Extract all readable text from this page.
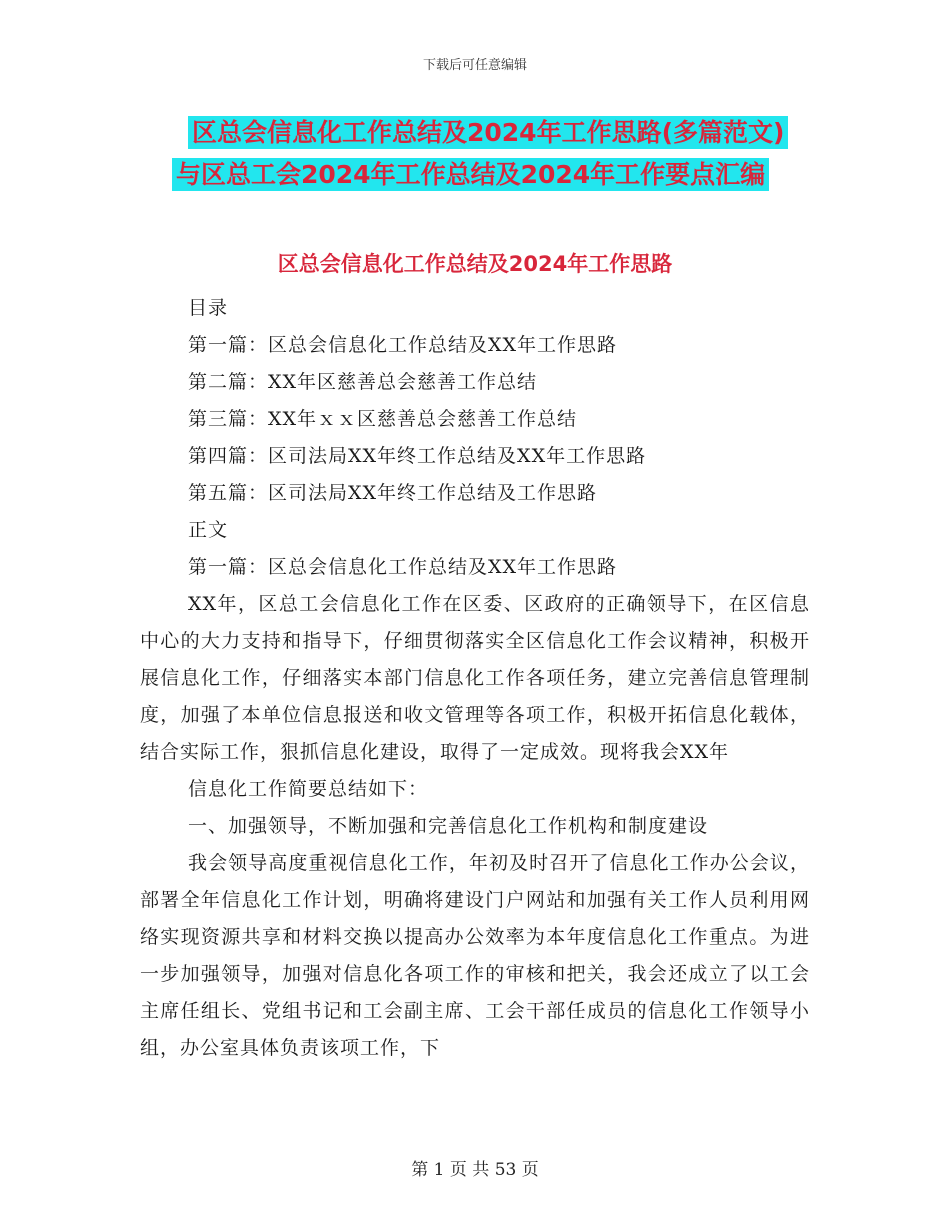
下载后可任意编辑
区总会信息化工作总结及2024年工作思路(多篇范文)
与区总工会2024年工作总结及2024年工作要点汇编
区总会信息化工作总结及2024年工作思路

目录

第一篇：区总会信息化工作总结及XX年工作思路

第二篇：XX年区慈善总会慈善工作总结

第三篇：XX年ｘｘ区慈善总会慈善工作总结

第四篇：区司法局XX年终工作总结及XX年工作思路

第五篇：区司法局XX年终工作总结及工作思路

正文

第一篇：区总会信息化工作总结及XX年工作思路

XX年，区总工会信息化工作在区委、区政府的正确领导下，在区信息中心的大力支持和指导下，仔细贯彻落实全区信息化工作会议精神，积极开展信息化工作，仔细落实本部门信息化工作各项任务，建立完善信息管理制度，加强了本单位信息报送和收文管理等各项工作，积极开拓信息化载体，结合实际工作，狠抓信息化建设，取得了一定成效。现将我会XX年

信息化工作简要总结如下：

一、加强领导，不断加强和完善信息化工作机构和制度建设

我会领导高度重视信息化工作，年初及时召开了信息化工作办公会议，部署全年信息化工作计划，明确将建设门户网站和加强有关工作人员利用网络实现资源共享和材料交换以提高办公效率为本年度信息化工作重点。为进一步加强领导，加强对信息化各项工作的审核和把关，我会还成立了以工会主席任组长、党组书记和工会副主席、工会干部任成员的信息化工作领导小组，办公室具体负责该项工作，下

第 1 页 共 53 页
